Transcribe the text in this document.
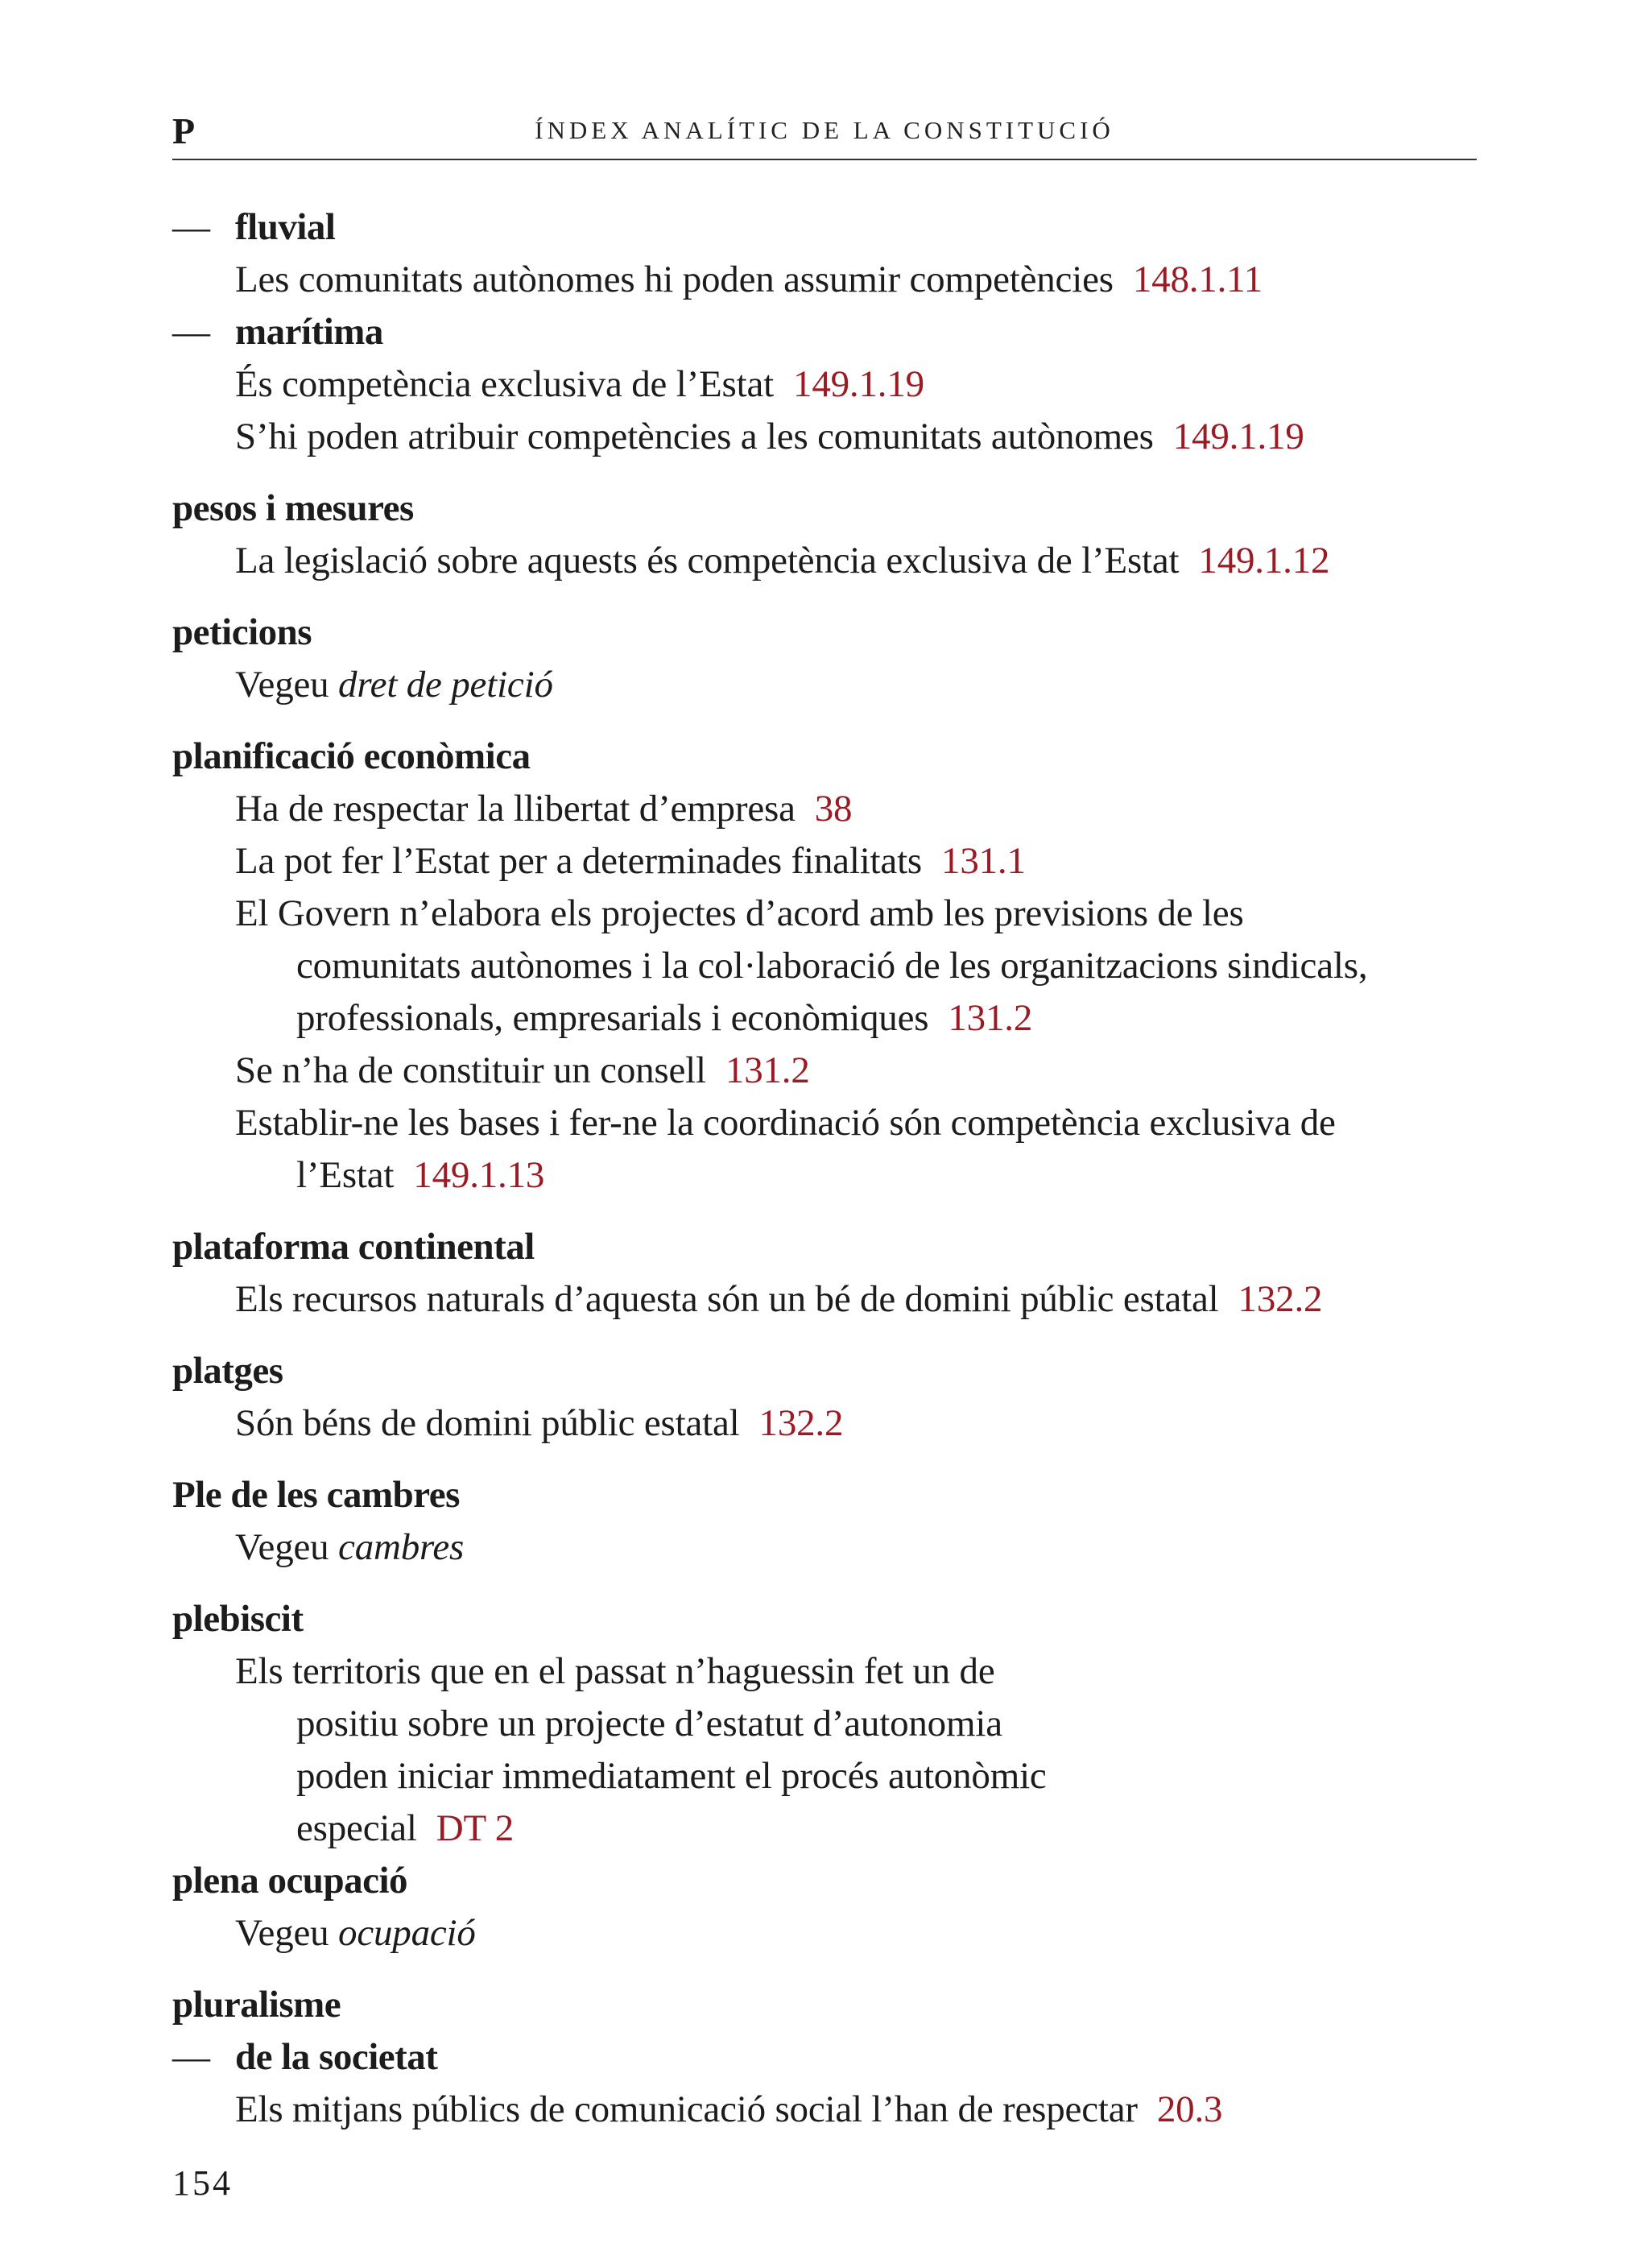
P	ÍNDEX ANALÍTIC DE LA CONSTITUCIÓ
— fluvial
Les comunitats autònomes hi poden assumir competències 148.1.11
— marítima
És competència exclusiva de l’Estat 149.1.19
S’hi poden atribuir competències a les comunitats autònomes 149.1.19
pesos i mesures
La legislació sobre aquests és competència exclusiva de l’Estat 149.1.12
peticions
Vegeu dret de petició
planificació econòmica
Ha de respectar la llibertat d’empresa 38
La pot fer l’Estat per a determinades finalitats 131.1
El Govern n’elabora els projectes d’acord amb les previsions de les comunitats autònomes i la col·laboració de les organitzacions sindicals, professionals, empresarials i econòmiques 131.2
Se n’ha de constituir un consell 131.2
Establir-ne les bases i fer-ne la coordinació són competència exclusiva de l’Estat 149.1.13
plataforma continental
Els recursos naturals d’aquesta són un bé de domini públic estatal 132.2
platges
Són béns de domini públic estatal 132.2
Ple de les cambres
Vegeu cambres
plebiscit
Els territoris que en el passat n’haguessin fet un de positiu sobre un projecte d’estatut d’autonomia poden iniciar immediatament el procés autonòmic especial DT 2
plena ocupació
Vegeu ocupació
pluralisme
— de la societat
Els mitjans públics de comunicació social l’han de respectar 20.3
154
